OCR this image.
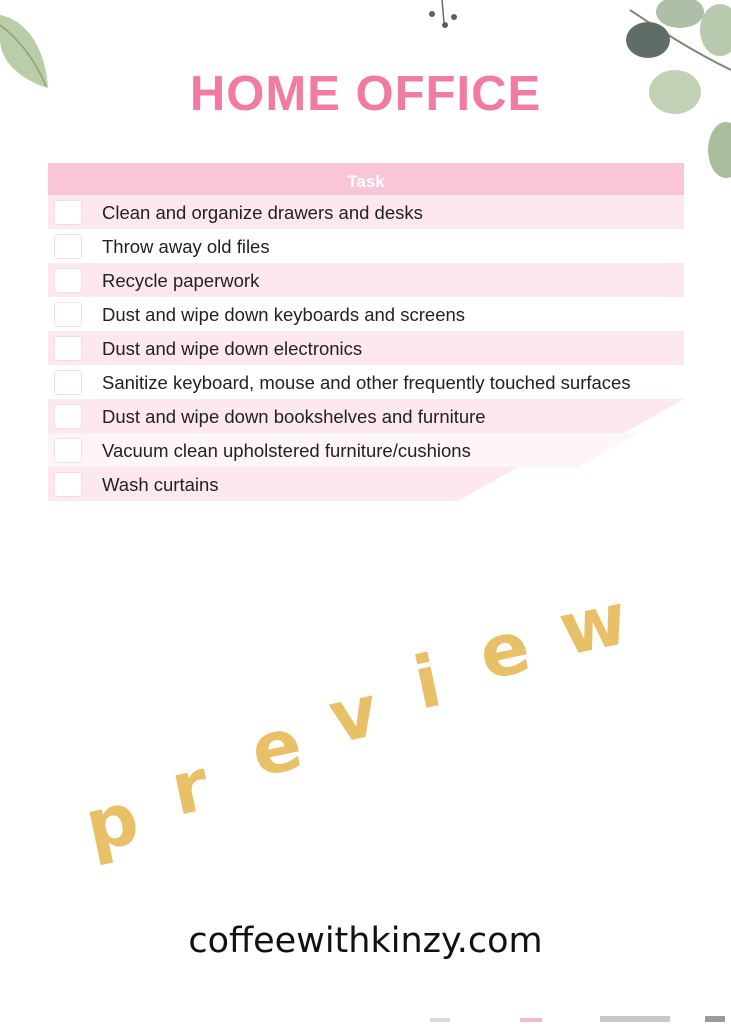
HOME OFFICE
Task
Clean and organize drawers and desks
Throw away old files
Recycle paperwork
Dust and wipe down keyboards and screens
Dust and wipe down electronics
Sanitize keyboard, mouse and other frequently touched surfaces
Dust and wipe down bookshelves and furniture
Vacuum clean upholstered furniture/cushions
Wash curtains
p r e v i e w
coffeewithkinzy.com
